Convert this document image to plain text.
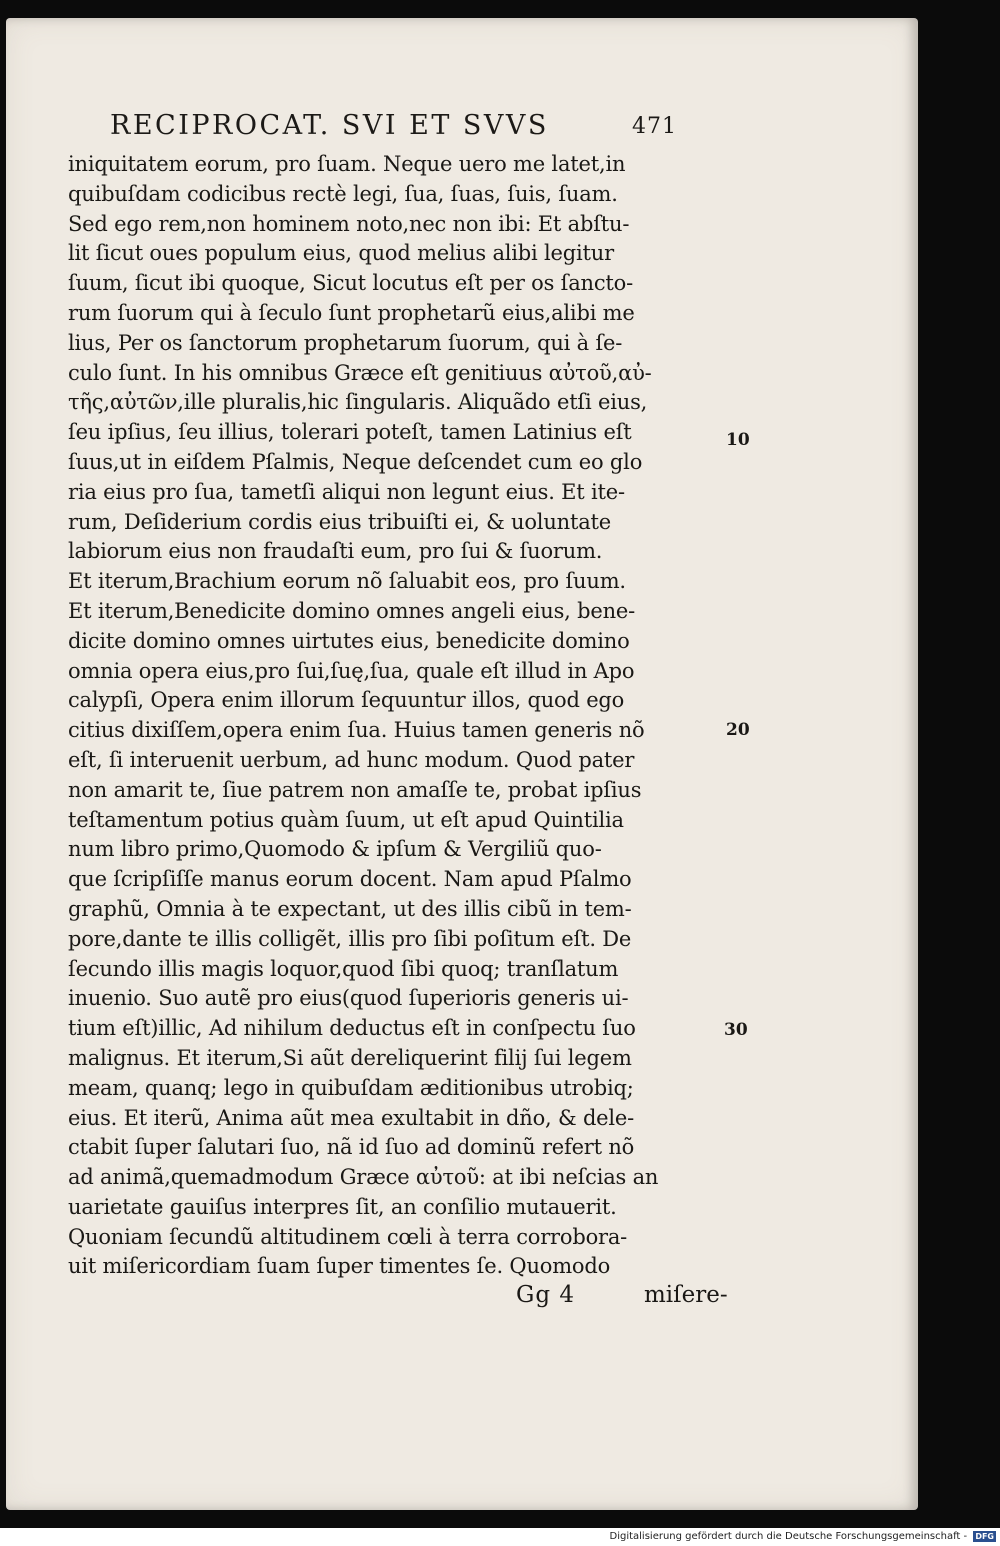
RECIPROCAT. SVI ET SVVS	471
iniquitatem eorum, pro ſuam. Neque uero me latet,in
quibuſdam codicibus rectè legi, ſua, ſuas, ſuis, ſuam.
Sed ego rem,non hominem noto,nec non ibi: Et abſtu-
lit ſicut oues populum eius, quod melius alibi legitur
ſuum, ſicut ibi quoque, Sicut locutus eſt per os ſancto-
rum ſuorum qui à ſeculo ſunt prophetarũ eius,alibi me
lius, Per os ſanctorum prophetarum ſuorum, qui à ſe-
culo ſunt. In his omnibus Græce eſt genitiuus αὐτοῦ,αὐ-
τῆς,αὐτῶν,ille pluralis,hic ſingularis. Aliquãdo etſi eius,
ſeu ipſius, ſeu illius, tolerari poteſt, tamen Latinius eſt
ſuus,ut in eiſdem Pſalmis, Neque deſcendet cum eo glo
ria eius pro ſua, tametſi aliqui non legunt eius. Et ite-
rum, Deſiderium cordis eius tribuiſti ei, & uoluntate
labiorum eius non fraudaſti eum, pro ſui & ſuorum.
Et iterum,Brachium eorum nõ ſaluabit eos, pro ſuum.
Et iterum,Benedicite domino omnes angeli eius, bene-
dicite domino omnes uirtutes eius, benedicite domino
omnia opera eius,pro ſui,ſuę,ſua, quale eſt illud in Apo
calypſi, Opera enim illorum ſequuntur illos, quod ego
citius dixiſſem,opera enim ſua. Huius tamen generis nõ
eſt, ſi interuenit uerbum, ad hunc modum. Quod pater
non amarit te, ſiue patrem non amaſſe te, probat ipſius
teſtamentum potius quàm ſuum, ut eſt apud Quintilia
num libro primo,Quomodo & ipſum & Vergiliũ quo-
que ſcripſiſſe manus eorum docent. Nam apud Pſalmo
graphũ, Omnia à te expectant, ut des illis cibũ in tem-
pore,dante te illis colligẽt, illis pro ſibi poſitum eſt. De
ſecundo illis magis loquor,quod ſibi quoq; tranſlatum
inuenio. Suo autẽ pro eius(quod ſuperioris generis ui-
tium eſt)illic, Ad nihilum deductus eſt in conſpectu ſuo
malignus. Et iterum,Si aũt dereliquerint filij ſui legem
meam, quanq; lego in quibuſdam æditionibus utrobiq;
eius. Et iterũ, Anima aũt mea exultabit in dño, & dele-
ctabit ſuper ſalutari ſuo, nã id ſuo ad dominũ refert nõ
ad animã,quemadmodum Græce αὐτοῦ: at ibi neſcias an
uarietate gauiſus interpres ſit, an conſilio mutauerit.
Quoniam ſecundũ altitudinem cœli à terra corrobora-
uit miſericordiam ſuam ſuper timentes ſe. Quomodo
10
20
30
Gg 4	miſere-
Digitalisierung gefördert durch die Deutsche Forschungsgemeinschaft - DFG
